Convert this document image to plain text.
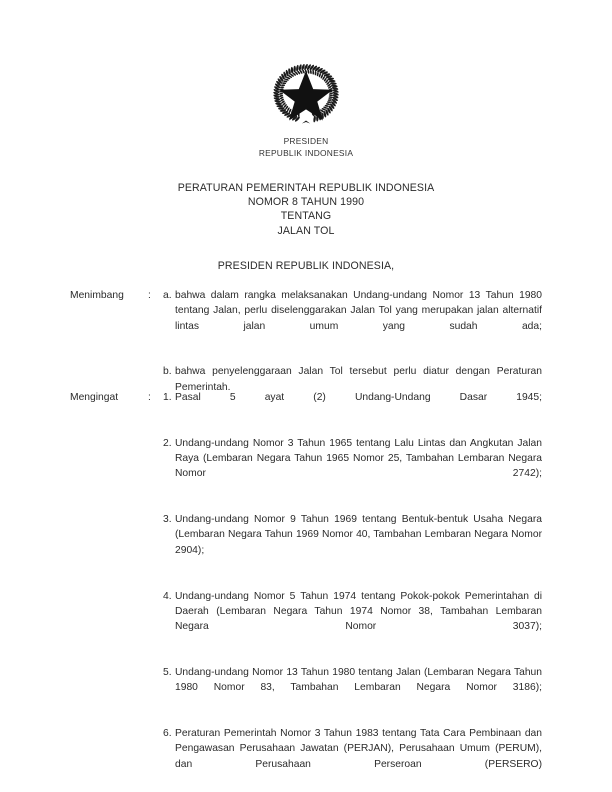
PRESIDEN
REPUBLIK INDONESIA
PERATURAN PEMERINTAH REPUBLIK INDONESIA
NOMOR 8 TAHUN 1990
TENTANG
JALAN TOL
PRESIDEN REPUBLIK INDONESIA,
Menimbang	: a. bahwa dalam rangka melaksanakan Undang-undang Nomor 13 Tahun 1980 tentang Jalan, perlu diselenggarakan Jalan Tol yang merupakan jalan alternatif lintas jalan umum yang sudah ada;
b. bahwa penyelenggaraan Jalan Tol tersebut perlu diatur dengan Peraturan Pemerintah.
Mengingat	: 1. Pasal 5 ayat (2) Undang-Undang Dasar 1945;
2. Undang-undang Nomor 3 Tahun 1965 tentang Lalu Lintas dan Angkutan Jalan Raya (Lembaran Negara Tahun 1965 Nomor 25, Tambahan Lembaran Negara Nomor 2742);
3. Undang-undang Nomor 9 Tahun 1969 tentang Bentuk-bentuk Usaha Negara (Lembaran Negara Tahun 1969 Nomor 40, Tambahan Lembaran Negara Nomor 2904);
4. Undang-undang Nomor 5 Tahun 1974 tentang Pokok-pokok Pemerintahan di Daerah (Lembaran Negara Tahun 1974 Nomor 38, Tambahan Lembaran Negara Nomor 3037);
5. Undang-undang Nomor 13 Tahun 1980 tentang Jalan (Lembaran Negara Tahun 1980 Nomor 83, Tambahan Lembaran Negara Nomor 3186);
6. Peraturan Pemerintah Nomor 3 Tahun 1983 tentang Tata Cara Pembinaan dan Pengawasan Perusahaan Jawatan (PERJAN), Perusahaan Umum (PERUM), dan Perusahaan Perseroan (PERSERO)
